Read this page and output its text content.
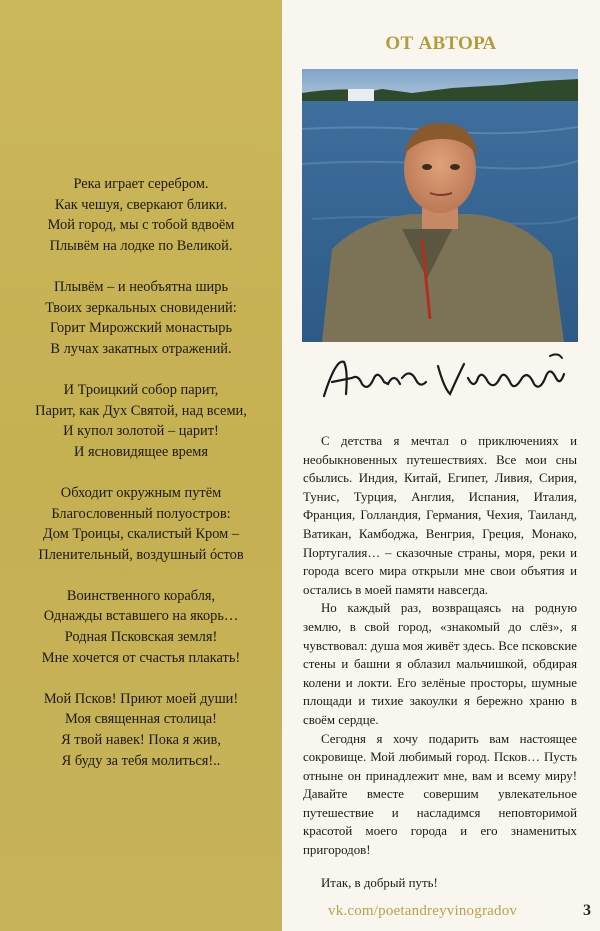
Река играет серебром.
Как чешуя, сверкают блики.
Мой город, мы с тобой вдвоём
Плывём на лодке по Великой.
Плывём – и необъятна ширь
Твоих зеркальных сновидений:
Горит Мирожский монастырь
В лучах закатных отражений.
И Троицкий собор парит,
Парит, как Дух Святой, над всеми,
И купол золотой – царит!
И ясновидящее время
Обходит окружным путём
Благословенный полуостров:
Дом Троицы, скалистый Кром –
Пленительный, воздушный óстов
Воинственного корабля,
Однажды вставшего на якорь…
Родная Псковская земля!
Мне хочется от счастья плакать!
Мой Псков! Приют моей души!
Моя священная столица!
Я твой навек! Пока я жив,
Я буду за тебя молиться!..
ОТ АВТОРА

С детства я мечтал о приключениях и необыкновенных путешествиях. Все мои сны сбылись. Индия, Китай, Египет, Ливия, Сирия, Тунис, Турция, Англия, Испания, Италия, Франция, Голландия, Германия, Чехия, Таиланд, Ватикан, Камбоджа, Венгрия, Греция, Монако, Португалия… – сказочные страны, моря, реки и города всего мира открыли мне свои объятия и остались в моей памяти навсегда.

Но каждый раз, возвращаясь на родную землю, в свой город, «знакомый до слёз», я чувствовал: душа моя живёт здесь. Все псковские стены и башни я облазил мальчишкой, обдирая колени и локти. Его зелёные просторы, шумные площади и тихие закоулки я бережно храню в своём сердце.

Сегодня я хочу подарить вам настоящее сокровище. Мой любимый город. Псков… Пусть отныне он принадлежит мне, вам и всему миру! Давайте вместе совершим увлекательное путешествие и насладимся неповторимой красотой моего города и его знаменитых пригородов!

Итак, в добрый путь!

vk.com/poetandreyvinogradov	3
